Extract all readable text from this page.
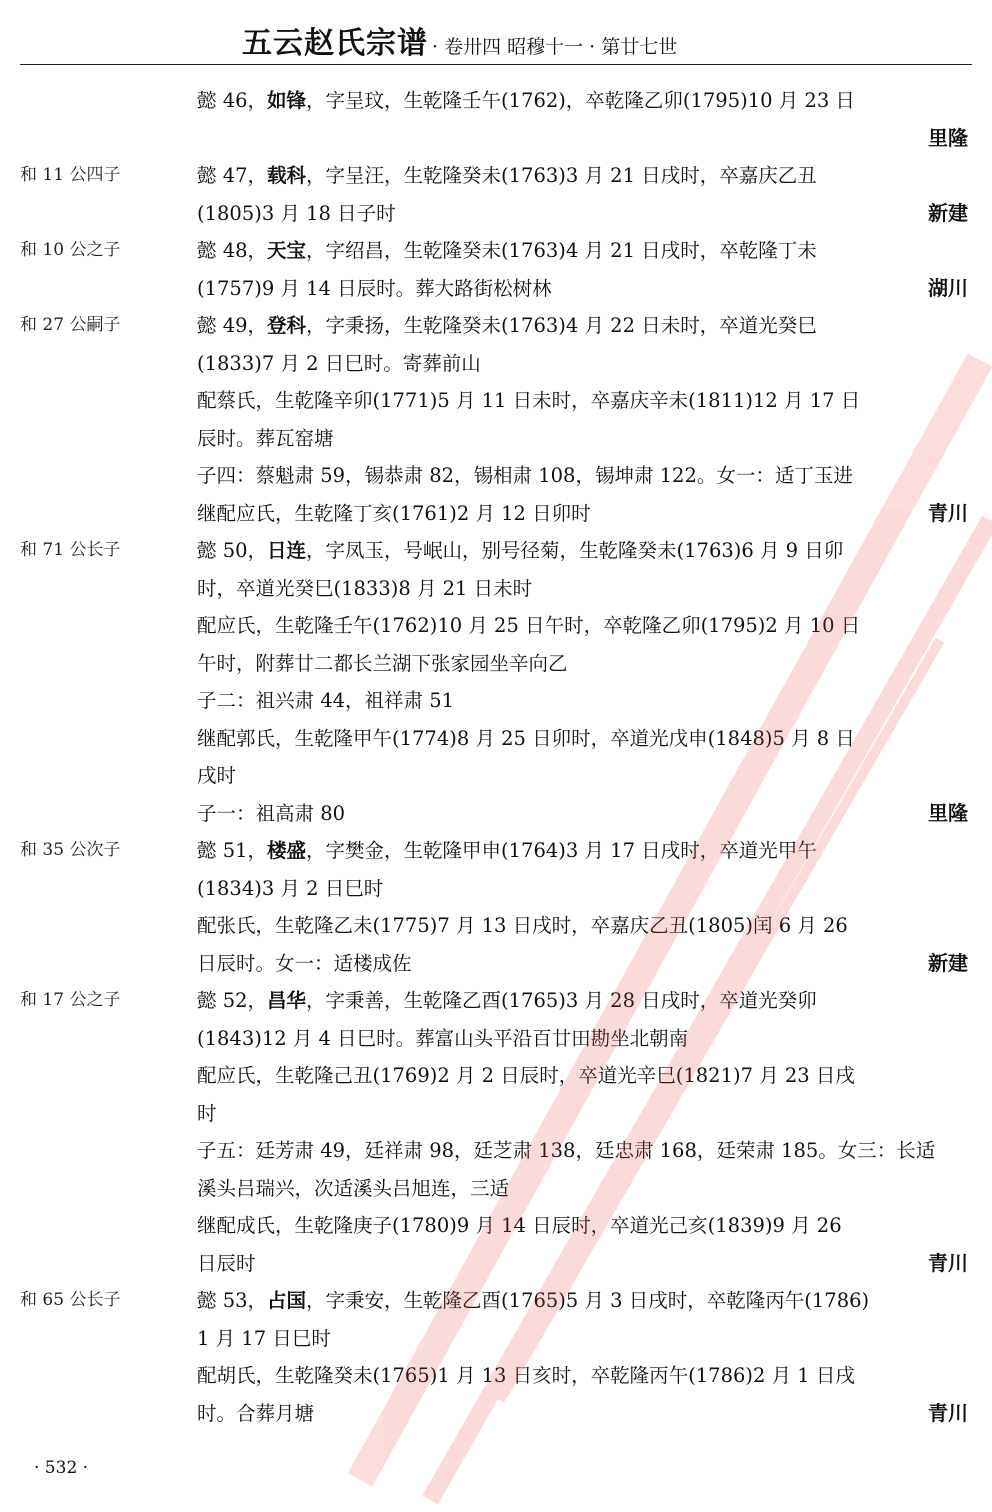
五云赵氏宗谱 · 卷卅四 昭穆十一 · 第廿七世
懿 46，如锋，字呈玟，生乾隆壬午(1762)，卒乾隆乙卯(1795)10 月 23 日
里隆
和 11 公四子	懿 47，载科，字呈汪，生乾隆癸未(1763)3 月 21 日戌时，卒嘉庆乙丑
(1805)3 月 18 日子时	新建
和 10 公之子	懿 48，天宝，字绍昌，生乾隆癸未(1763)4 月 21 日戌时，卒乾隆丁未
(1757)9 月 14 日辰时。葬大路街松树林	湖川
和 27 公嗣子	懿 49，登科，字秉扬，生乾隆癸未(1763)4 月 22 日未时，卒道光癸巳
(1833)7 月 2 日巳时。寄葬前山
配蔡氏，生乾隆辛卯(1771)5 月 11 日未时，卒嘉庆辛未(1811)12 月 17 日
辰时。葬瓦窑塘
子四：蔡魁肃 59，锡恭肃 82，锡相肃 108，锡坤肃 122。女一：适丁玉进
继配应氏，生乾隆丁亥(1761)2 月 12 日卯时	青川
和 71 公长子	懿 50，日连，字凤玉，号岷山，别号径菊，生乾隆癸未(1763)6 月 9 日卯
时，卒道光癸巳(1833)8 月 21 日未时
配应氏，生乾隆壬午(1762)10 月 25 日午时，卒乾隆乙卯(1795)2 月 10 日
午时，附葬廿二都长兰湖下张家园坐辛向乙
子二：祖兴肃 44，祖祥肃 51
继配郭氏，生乾隆甲午(1774)8 月 25 日卯时，卒道光戊申(1848)5 月 8 日
戌时
子一：祖高肃 80	里隆
和 35 公次子	懿 51，楼盛，字樊金，生乾隆甲申(1764)3 月 17 日戌时，卒道光甲午
(1834)3 月 2 日巳时
配张氏，生乾隆乙未(1775)7 月 13 日戌时，卒嘉庆乙丑(1805)闰 6 月 26
日辰时。女一：适楼成佐	新建
和 17 公之子	懿 52，昌华，字秉善，生乾隆乙酉(1765)3 月 28 日戌时，卒道光癸卯
(1843)12 月 4 日巳时。葬富山头平沿百廿田勘坐北朝南
配应氏，生乾隆己丑(1769)2 月 2 日辰时，卒道光辛巳(1821)7 月 23 日戌
时
子五：廷芳肃 49，廷祥肃 98，廷芝肃 138，廷忠肃 168，廷荣肃 185。女三：长适
溪头吕瑞兴，次适溪头吕旭连，三适
继配成氏，生乾隆庚子(1780)9 月 14 日辰时，卒道光己亥(1839)9 月 26
日辰时	青川
和 65 公长子	懿 53，占国，字秉安，生乾隆乙酉(1765)5 月 3 日戌时，卒乾隆丙午(1786)
1 月 17 日巳时
配胡氏，生乾隆癸未(1765)1 月 13 日亥时，卒乾隆丙午(1786)2 月 1 日戌
时。合葬月塘	青川
· 532 ·
